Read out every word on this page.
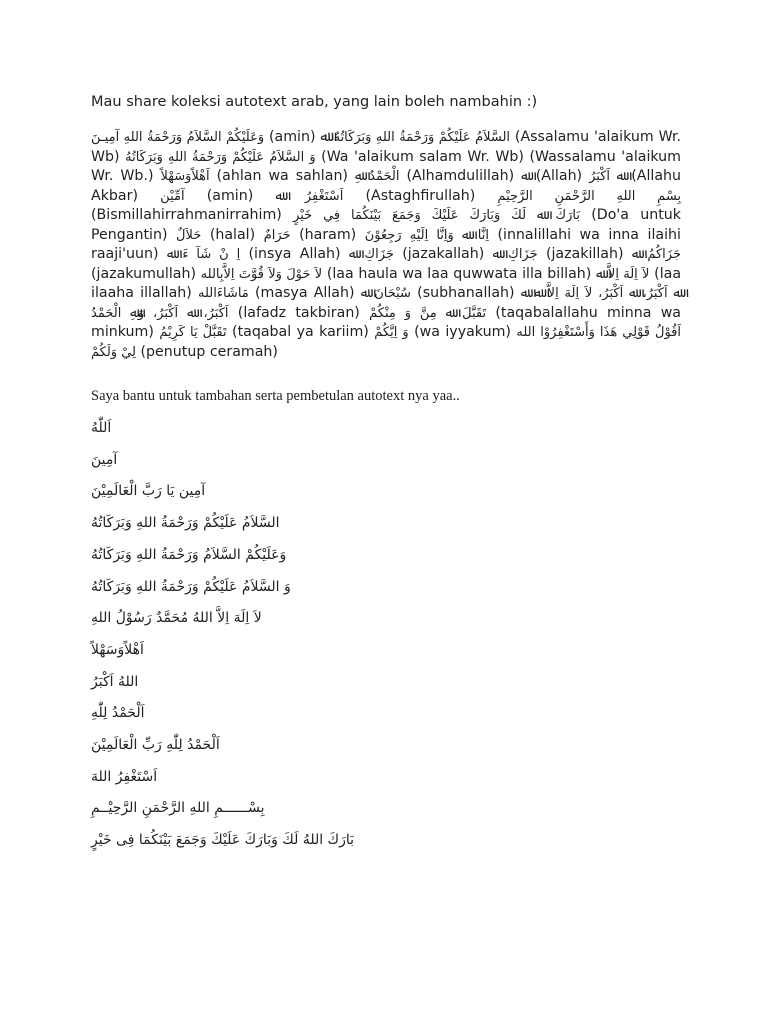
Mau share koleksi autotext arab, yang lain boleh nambahin :)
وَعَلَيْكُمْ السَّلاَمُ وَرَحْمَةُ اللهِ آمِيـنَ (amin) ﷲ السَّلاَمُ عَلَيْكُمْ وَرَحْمَةُ اللهِ وَبَرَكَاتُهُ (Assalamu 'alaikum Wr. Wb) وَ السَّلاَمُ عَلَيْكُمْ وَرَحْمَةُ اللهِ وَبَرَكَاتُهُ (Wa 'alaikum salam Wr. Wb) (Wassalamu 'alaikum Wr. Wb.) اَهْلاًوَسَهْلاً (ahlan wa sahlan) الْحَمْدُ ﷲِ (Alhamdulillah) ﷲ (Allah) ﷲ اَكْبَرُ (Allahu Akbar) آمِّيْن (amin) اَسْتَغْفِرُ ﷲ (Astaghfirullah) بِسْمِ اللهِ الرَّحْمَنِ الرَّحِيْمِ (Bismillahirrahmanirrahim) بَارَكَ ﷲ لَكَ وَبَارَكَ عَلَيْكَ وَجَمَعَ بَيْنَكُمَا فِي خَيْرٍ (Do'a untuk Pengantin) حَلاَلٌ (halal) حَرَامٌ (haram) اِنَّا ﷲ وَاِنَّا اِلَيْهِ رَجِعُوْنَ (innalillahi wa inna ilaihi raaji'uun) اِ نْ شَآ ءَ ﷲ (insya Allah) جَزَاكِ ﷲ (jazakallah) جَزَاكِ ﷲ (jazakillah) جَزَاكُمُ ﷲ (jazakumullah) لاَ حَوْلَ وَلاَ قُوَّتَ اِلاَّبِالله (laa haula wa laa quwwata illa billah) لاَ اِلَهَ اِلاَّ ﷲ (laa ilaaha illallah) مَاشَاءَالله (masya Allah) سُبْحَانَ ﷲ (subhanallah) ﷲ اَكْبَرُ، ﷲ اَكْبَرُ، لاَ اِلَهَ اِلاَّ ﷲ ﷲ اَكْبَرُ، ﷲ اَكْبَرُ، وَﷲِ الْحَمْدُ (lafadz takbiran) تَقَبَّلَ ﷲ مِنَّ وَ مِنْكُمْ (taqabalallahu minna wa minkum) تَقَبَّلْ يَا كَرِيْمُ (taqabal ya kariim) وَ اِيَّكُمْ (wa iyyakum) اَقُوْلُ قَوْلِي هَذَا وَأَسْتَغْفِرُوْا الله لِيْ وَلَكُمْ (penutup ceramah)
Saya bantu untuk tambahan serta pembetulan autotext nya yaa..
اَللّٰهُ
آمِينَ
آمِين يَا رَبَّ الْعَالَمِيْنَ
السَّلاَمُ عَلَيْكُمْ وَرَحْمَةُ اللهِ وَبَرَكَاتُهُ
وَعَلَيْكُمْ السَّلاَمُ وَرَحْمَةُ اللهِ وَبَرَكَاتُهُ
وَ السَّلاَمُ عَلَيْكُمْ وَرَحْمَةُ اللهِ وَبَرَكَاتُهُ
لاَ اِلَهَ اِلاَّ اللهُ مُحَمَّدٌ رَسُوْلُ اللهِ
اَهْلاًوَسَهْلاً
اللهُ اَكْبَرُ
اَلْحَمْدُ لِلّٰهِ
اَلْحَمْدُ لِلّٰهِ رَبِّ الْعَالَمِيْنَ
اَسْتَغْفِرُ اللهَ
بِسْــــــمِ اللهِ الرَّحْمَنِ الرَّحِيْــمِ
بَارَكَ اللهُ لَكَ وَبَارَكَ عَلَيْكَ وَجَمَعَ بَيْنَكُمَا فِى خَيْرٍ
